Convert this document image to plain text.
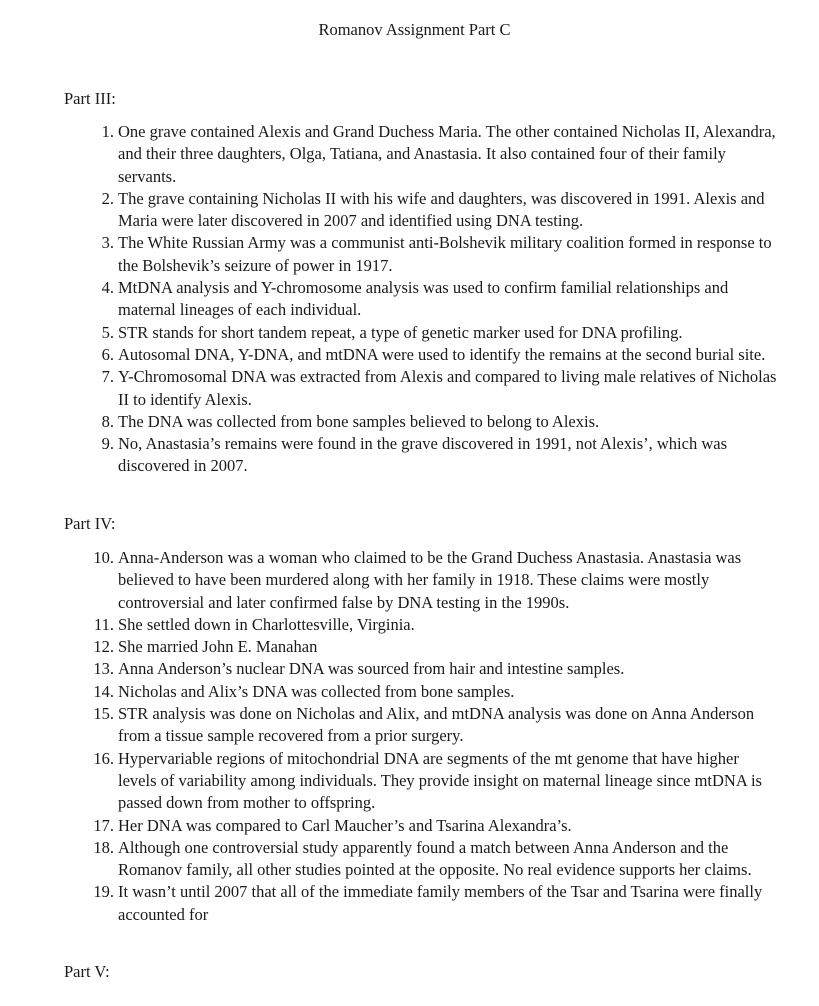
Romanov Assignment Part C
Part III:
1. One grave contained Alexis and Grand Duchess Maria. The other contained Nicholas II, Alexandra, and their three daughters, Olga, Tatiana, and Anastasia. It also contained four of their family servants.
2. The grave containing Nicholas II with his wife and daughters, was discovered in 1991. Alexis and Maria were later discovered in 2007 and identified using DNA testing.
3. The White Russian Army was a communist anti-Bolshevik military coalition formed in response to the Bolshevik’s seizure of power in 1917.
4. MtDNA analysis and Y-chromosome analysis was used to confirm familial relationships and maternal lineages of each individual.
5. STR stands for short tandem repeat, a type of genetic marker used for DNA profiling.
6. Autosomal DNA, Y-DNA, and mtDNA were used to identify the remains at the second burial site.
7. Y-Chromosomal DNA was extracted from Alexis and compared to living male relatives of Nicholas II to identify Alexis.
8. The DNA was collected from bone samples believed to belong to Alexis.
9. No, Anastasia’s remains were found in the grave discovered in 1991, not Alexis’, which was discovered in 2007.
Part IV:
10. Anna-Anderson was a woman who claimed to be the Grand Duchess Anastasia. Anastasia was believed to have been murdered along with her family in 1918. These claims were mostly controversial and later confirmed false by DNA testing in the 1990s.
11. She settled down in Charlottesville, Virginia.
12. She married John E. Manahan
13. Anna Anderson’s nuclear DNA was sourced from hair and intestine samples.
14. Nicholas and Alix’s DNA was collected from bone samples.
15. STR analysis was done on Nicholas and Alix, and mtDNA analysis was done on Anna Anderson from a tissue sample recovered from a prior surgery.
16. Hypervariable regions of mitochondrial DNA are segments of the mt genome that have higher levels of variability among individuals. They provide insight on maternal lineage since mtDNA is passed down from mother to offspring.
17. Her DNA was compared to Carl Maucher’s and Tsarina Alexandra’s.
18. Although one controversial study apparently found a match between Anna Anderson and the Romanov family, all other studies pointed at the opposite. No real evidence supports her claims.
19. It wasn’t until 2007 that all of the immediate family members of the Tsar and Tsarina were finally accounted for
Part V:
